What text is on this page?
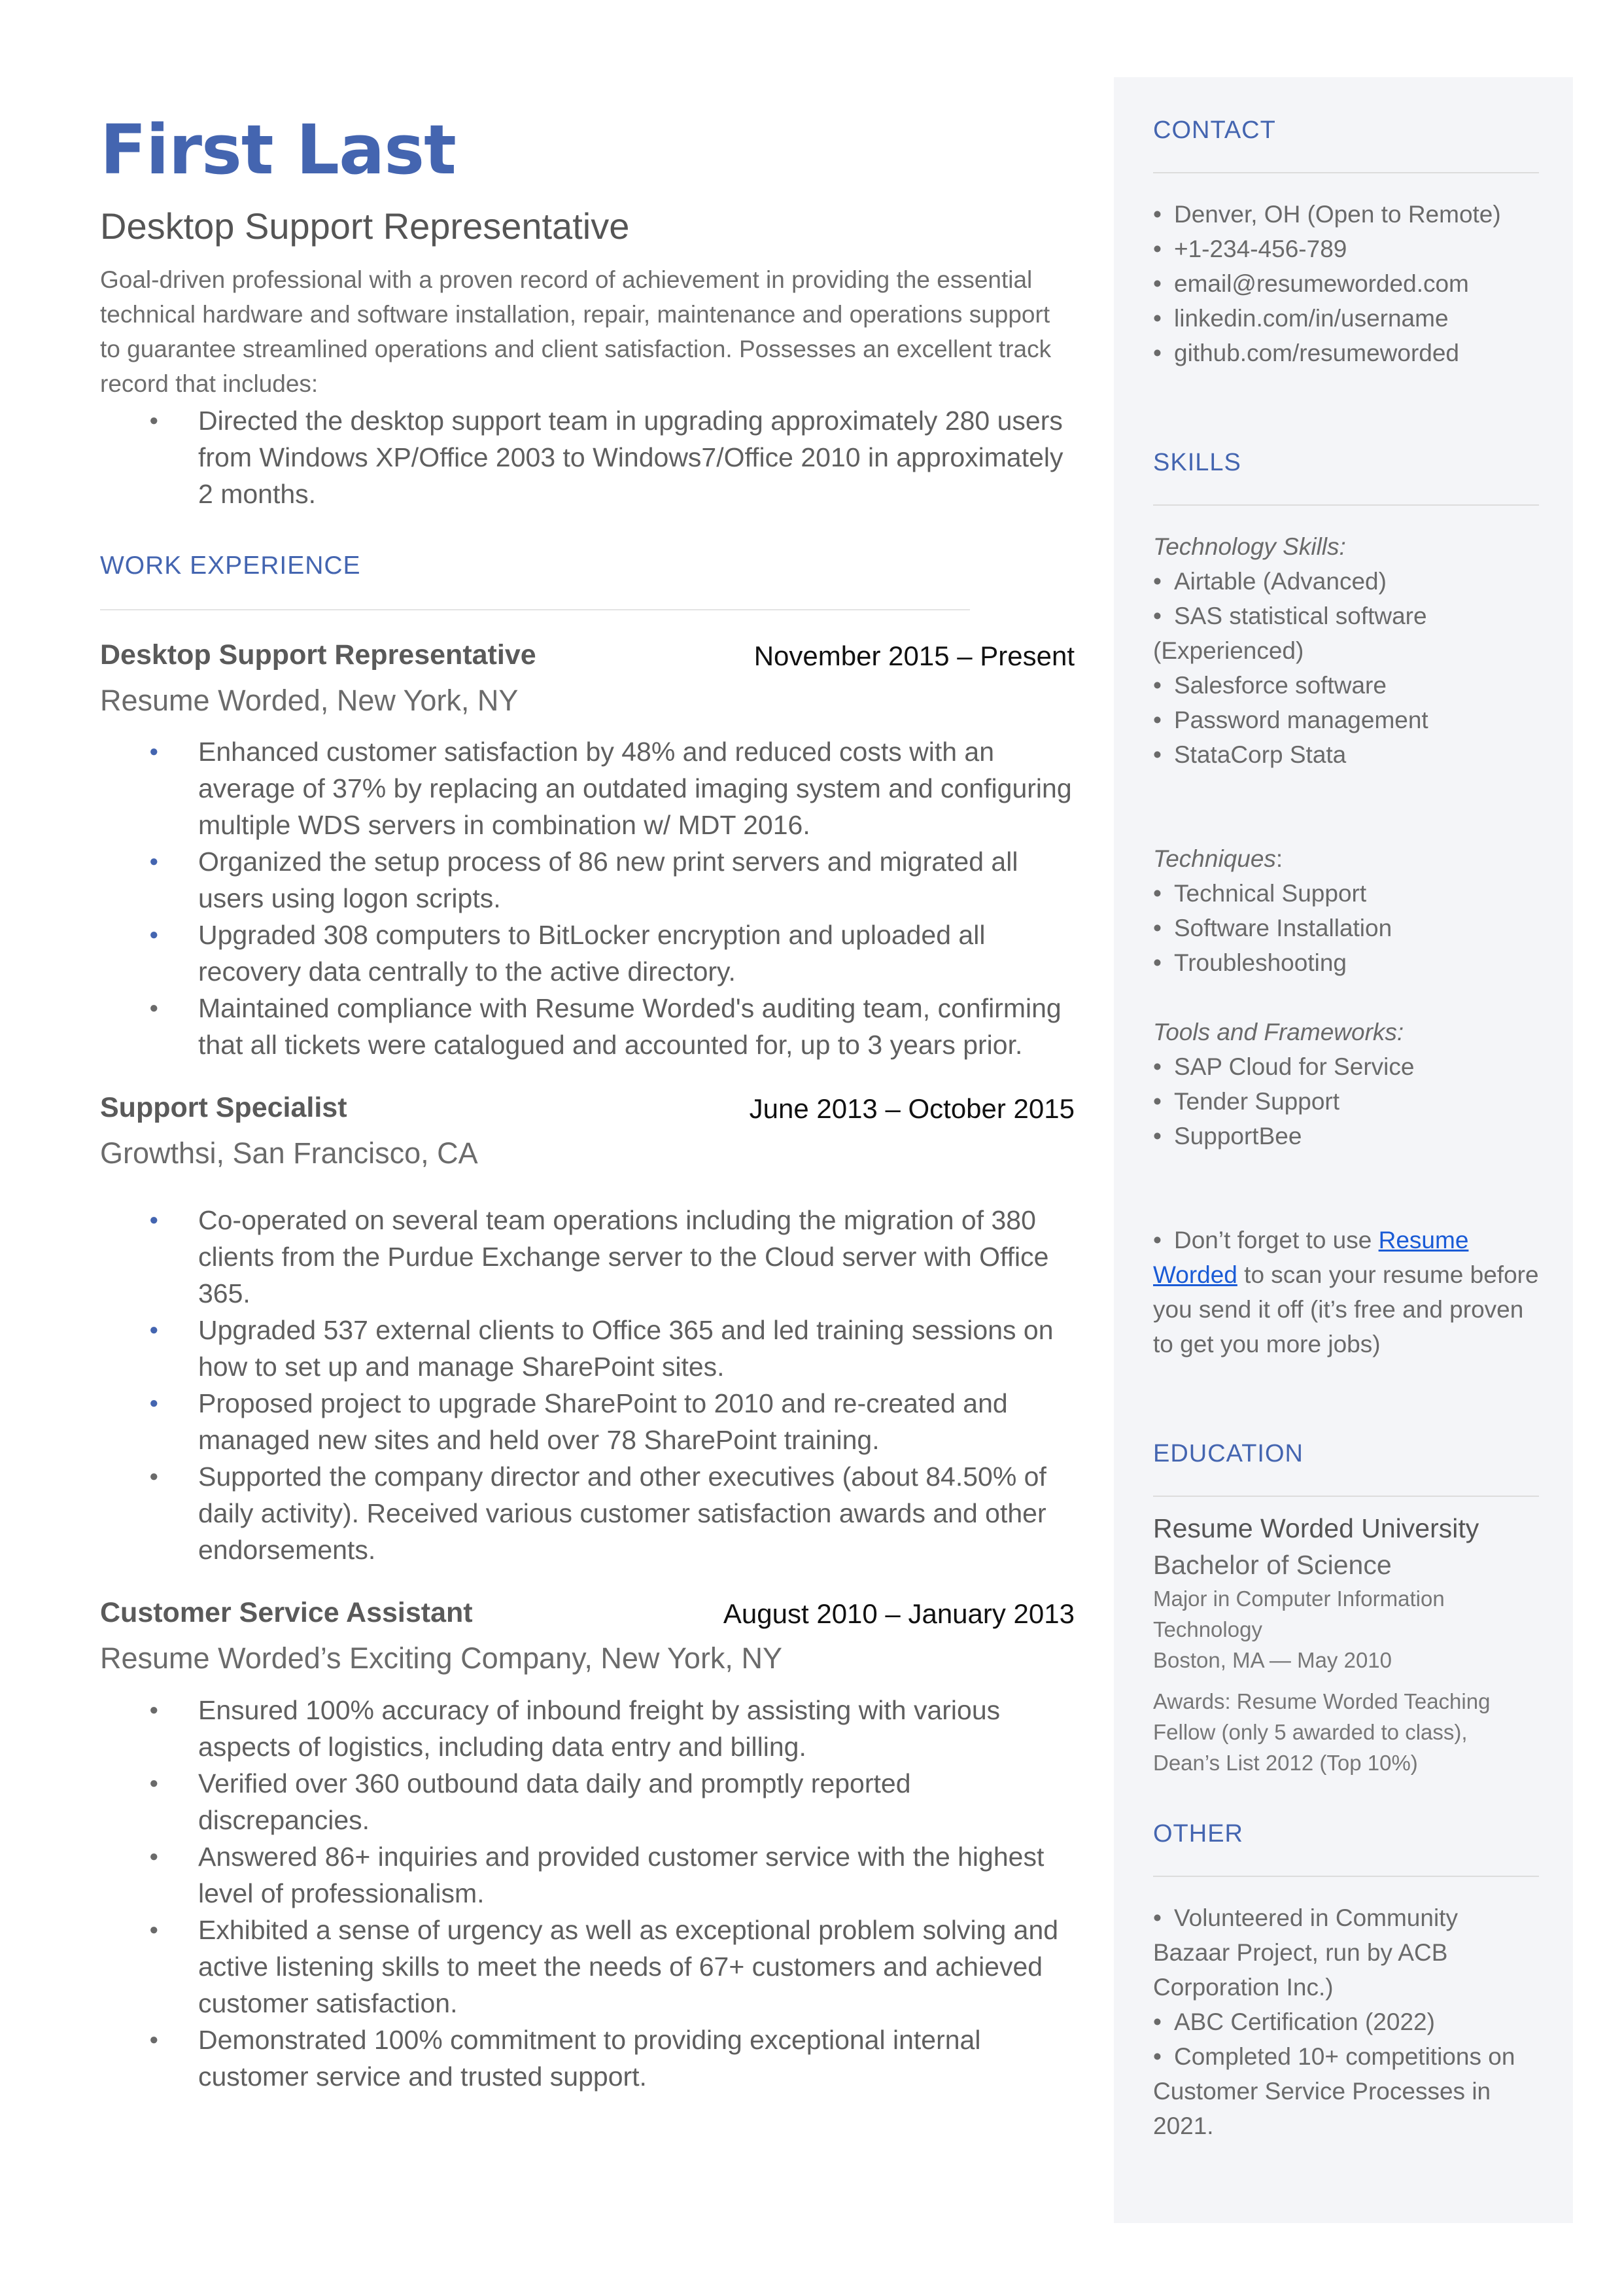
First Last
Desktop Support Representative
Goal-driven professional with a proven record of achievement in providing the essential technical hardware and software installation, repair, maintenance and operations support to guarantee streamlined operations and client satisfaction. Possesses an excellent track record that includes:
● Directed the desktop support team in upgrading approximately 280 users from Windows XP/Office 2003 to Windows7/Office 2010 in approximately 2 months.
WORK EXPERIENCE
Desktop Support Representative	November 2015 – Present
Resume Worded, New York, NY
● Enhanced customer satisfaction by 48% and reduced costs with an average of 37% by replacing an outdated imaging system and configuring multiple WDS servers in combination w/ MDT 2016.
● Organized the setup process of 86 new print servers and migrated all users using logon scripts.
● Upgraded 308 computers to BitLocker encryption and uploaded all recovery data centrally to the active directory.
● Maintained compliance with Resume Worded's auditing team, confirming that all tickets were catalogued and accounted for, up to 3 years prior.
Support Specialist	June 2013 – October 2015
Growthsi, San Francisco, CA
● Co-operated on several team operations including the migration of 380 clients from the Purdue Exchange server to the Cloud server with Office 365.
● Upgraded 537 external clients to Office 365 and led training sessions on how to set up and manage SharePoint sites.
● Proposed project to upgrade SharePoint to 2010 and re-created and managed new sites and held over 78 SharePoint training.
● Supported the company director and other executives (about 84.50% of daily activity). Received various customer satisfaction awards and other endorsements.
Customer Service Assistant	August 2010 – January 2013
Resume Worded’s Exciting Company, New York, NY
● Ensured 100% accuracy of inbound freight by assisting with various aspects of logistics, including data entry and billing.
● Verified over 360 outbound data daily and promptly reported discrepancies.
● Answered 86+ inquiries and provided customer service with the highest level of professionalism.
● Exhibited a sense of urgency as well as exceptional problem solving and active listening skills to meet the needs of 67+ customers and achieved customer satisfaction.
● Demonstrated 100% commitment to providing exceptional internal customer service and trusted support.
CONTACT
• Denver, OH (Open to Remote)
• +1-234-456-789
• email@resumeworded.com
• linkedin.com/in/username
• github.com/resumeworded
SKILLS
Technology Skills:
• Airtable (Advanced)
• SAS statistical software (Experienced)
• Salesforce software
• Password management
• StataCorp Stata
Techniques:
• Technical Support
• Software Installation
• Troubleshooting
Tools and Frameworks:
• SAP Cloud for Service
• Tender Support
• SupportBee
• Don’t forget to use Resume Worded to scan your resume before you send it off (it’s free and proven to get you more jobs)
EDUCATION
Resume Worded University
Bachelor of Science
Major in Computer Information Technology
Boston, MA — May 2010
Awards: Resume Worded Teaching Fellow (only 5 awarded to class), Dean’s List 2012 (Top 10%)
OTHER
• Volunteered in Community Bazaar Project, run by ACB Corporation Inc.)
• ABC Certification (2022)
• Completed 10+ competitions on Customer Service Processes in 2021.
